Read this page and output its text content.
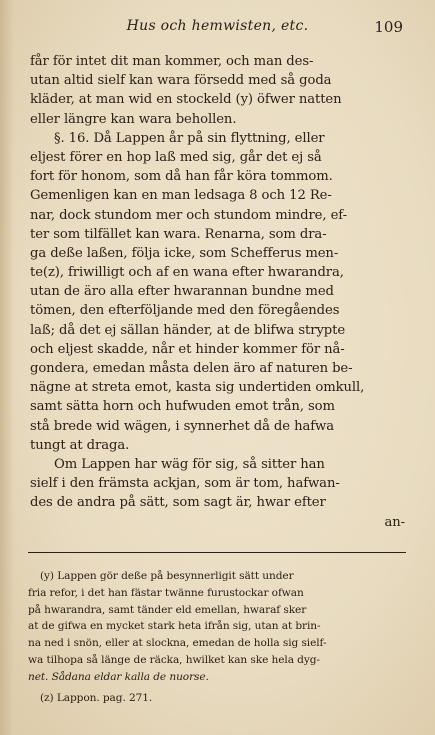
Hus och hemwisten, etc.	109
får för intet dit man kommer, och man des-
utan altid sielf kan wara försedd med så goda
kläder, at man wid en stockeld (y) öfwer natten
eller längre kan wara behollen.
§. 16. Då Lappen år på sin flyttning, eller
eljest förer en hop laß med sig, går det ej så
fort för honom, som då han får köra tommom.
Gemenligen kan en man ledsaga 8 och 12 Re-
nar, dock stundom mer och stundom mindre, ef-
ter som tilfället kan wara. Renarna, som dra-
ga deße laßen, följa icke, som Schefferus men-
te(z), friwilligt och af en wana efter hwarandra,
utan de äro alla efter hwarannan bundne med
tömen, den efterföljande med den föregåendes
laß; då det ej sällan händer, at de blifwa strypte
och eljest skadde, når et hinder kommer för nå-
gondera, emedan måsta delen äro af naturen be-
nägne at streta emot, kasta sig undertiden omkull,
samt sätta horn och hufwuden emot trån, som
stå brede wid wägen, i synnerhet då de hafwa
tungt at draga.
Om Lappen har wäg för sig, så sitter han
sielf i den främsta ackjan, som är tom, hafwan-
des de andra på sätt, som sagt är, hwar efter
an-
(y) Lappen gör deße på besynnerligit sätt under
fria refor, i det han fästar twänne furustockar ofwan
på hwarandra, samt tänder eld emellan, hwaraf sker
at de gifwa en mycket stark heta ifrån sig, utan at brin-
na ned i snön, eller at slockna, emedan de holla sig sielf-
wa tilhopa så länge de räcka, hwilket kan ske hela dyg-
net. Sådana eldar kalla de nuorse.
(z) Lappon. pag. 271.
